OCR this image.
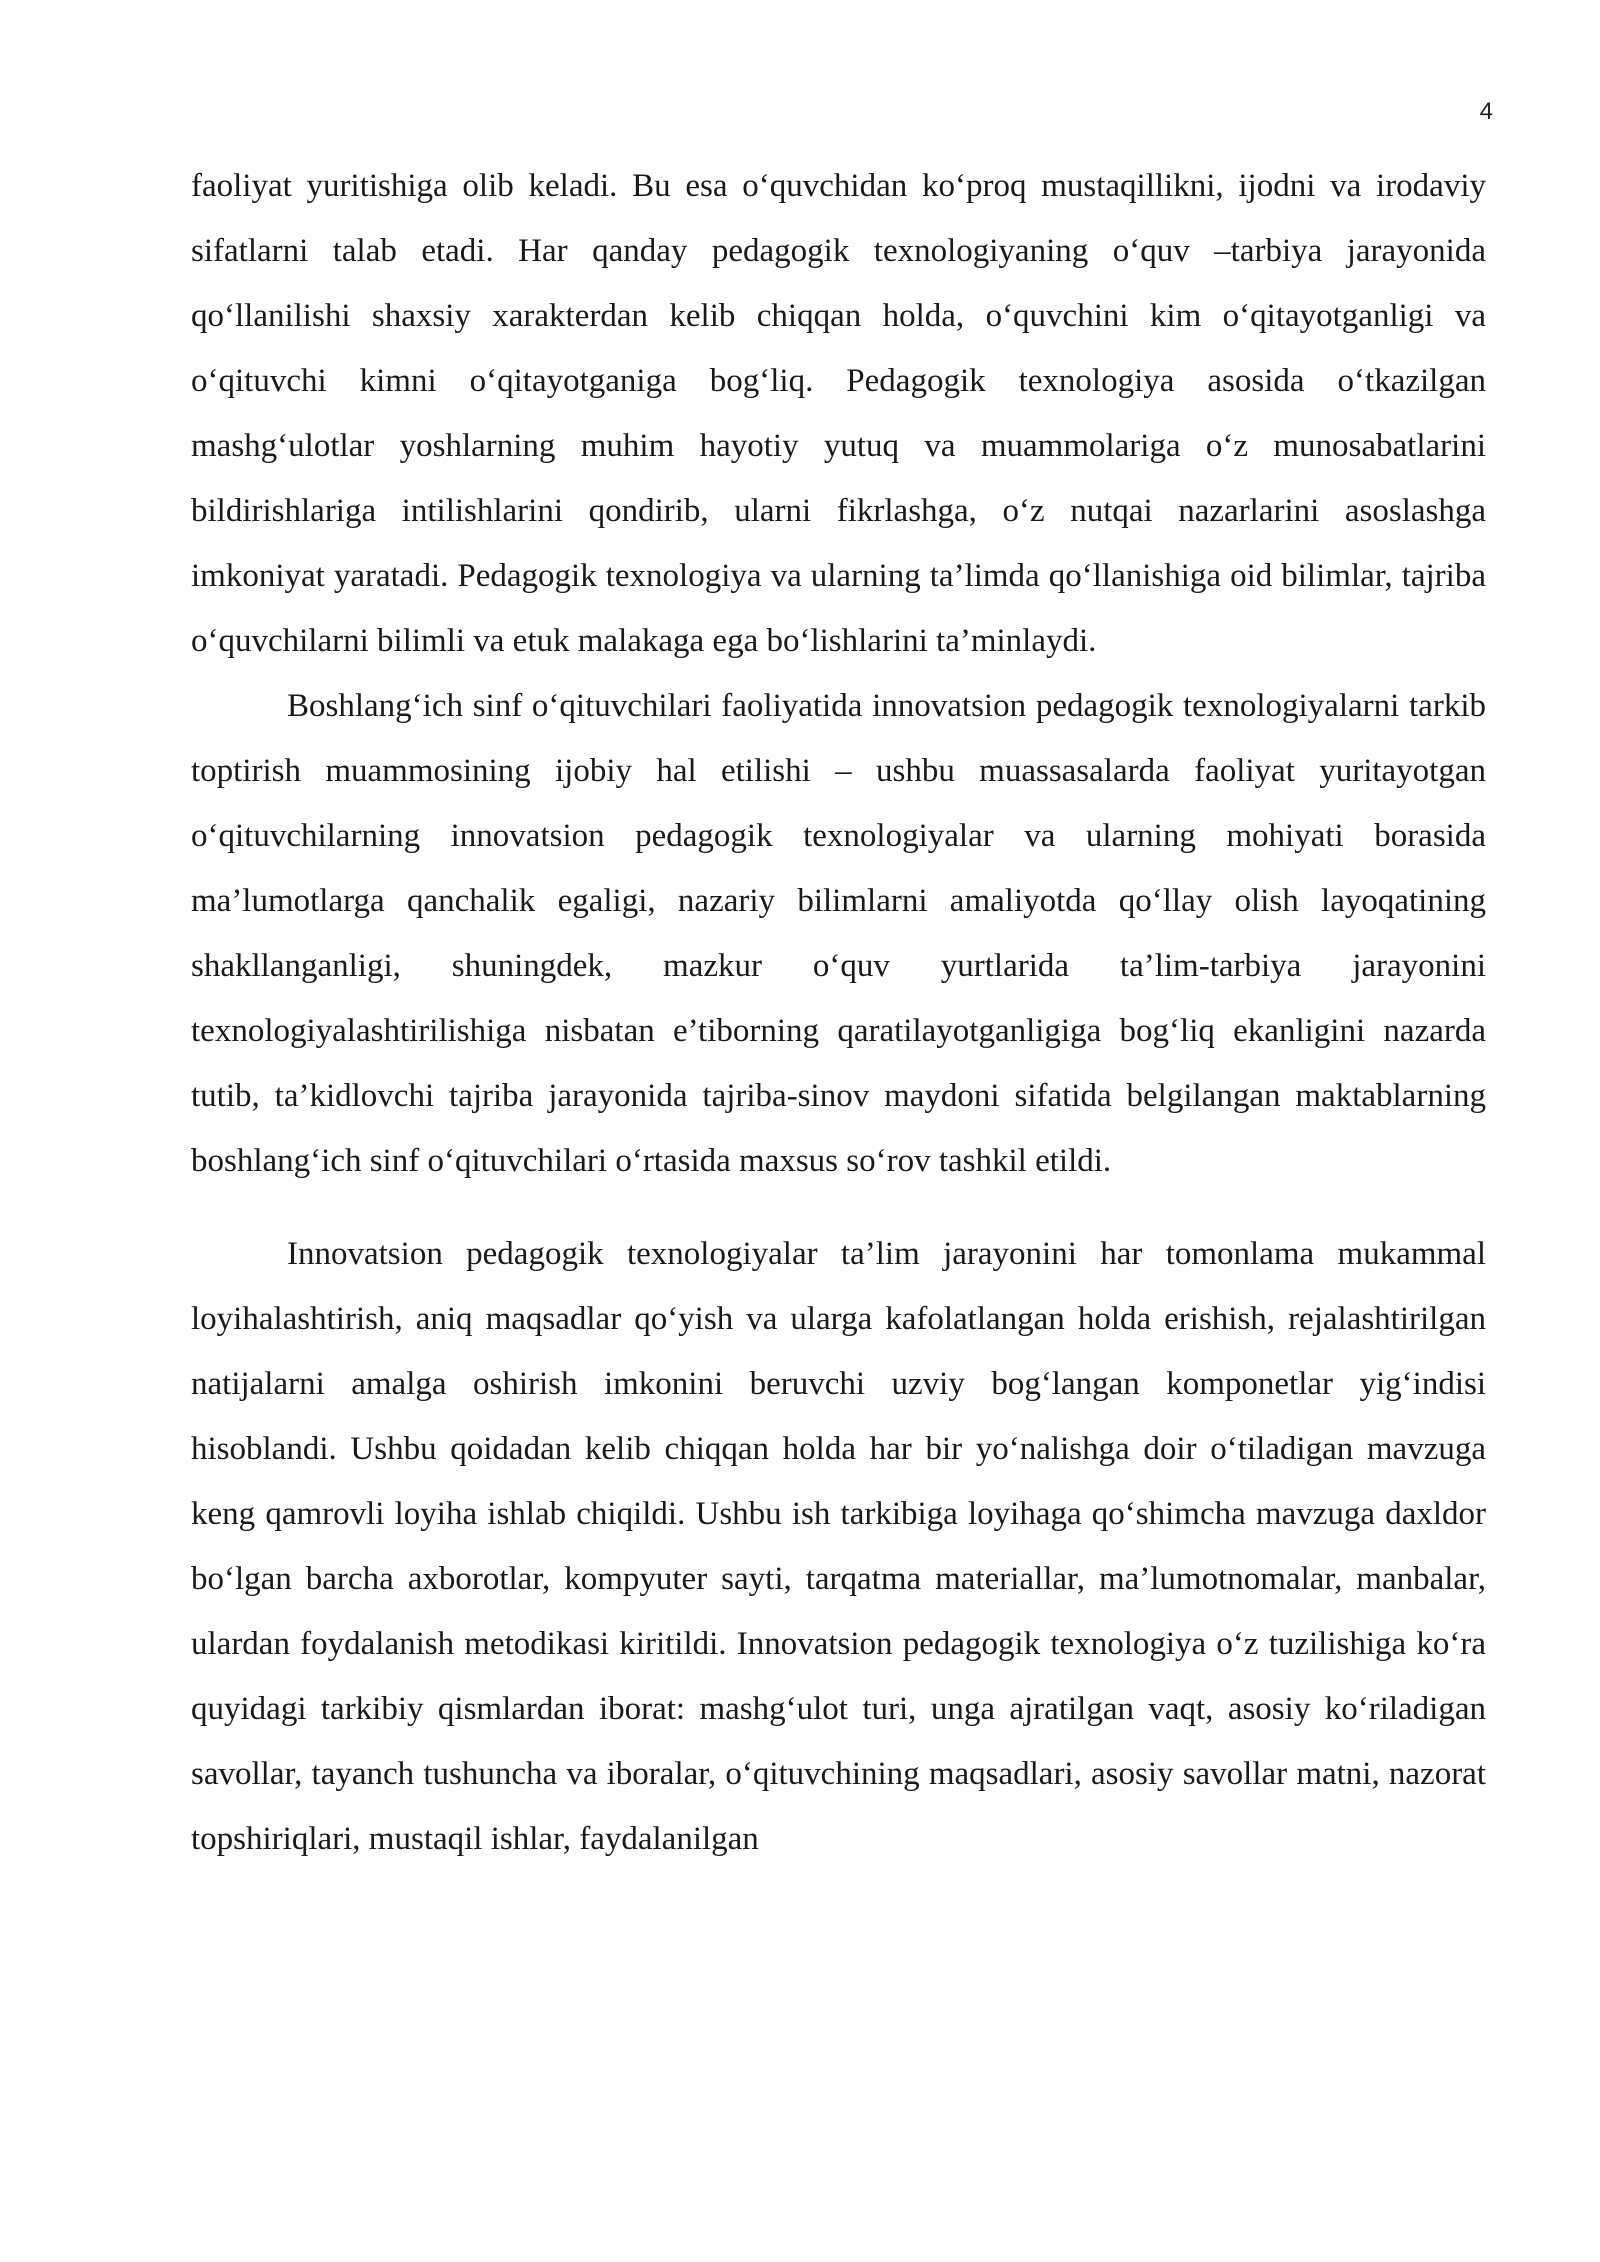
4

faoliyat yuritishiga olib keladi. Bu esa o‘quvchidan ko‘proq mustaqillikni, ijodni va irodaviy sifatlarni talab etadi. Har qanday pedagogik texnologiyaning o‘quv –tarbiya jarayonida qo‘llanilishi shaxsiy xarakterdan kelib chiqqan holda, o‘quvchini kim o‘qitayotganligi va o‘qituvchi kimni o‘qitayotganiga bog‘liq. Pedagogik texnologiya asosida o‘tkazilgan mashg‘ulotlar yoshlarning muhim hayotiy yutuq va muammolariga o‘z munosabatlarini bildirishlariga intilishlarini qondirib, ularni fikrlashga, o‘z nutqai nazarlarini asoslashga imkoniyat yaratadi. Pedagogik texnologiya va ularning ta’limda qo‘llanishiga oid bilimlar, tajriba o‘quvchilarni bilimli va etuk malakaga ega bo‘lishlarini ta’minlaydi.

Boshlang‘ich sinf o‘qituvchilari faoliyatida innovatsion pedagogik texnologiyalarni tarkib toptirish muammosining ijobiy hal etilishi – ushbu muassasalarda faoliyat yuritayotgan o‘qituvchilarning innovatsion pedagogik texnologiyalar va ularning mohiyati borasida ma’lumotlarga qanchalik egaligi, nazariy bilimlarni amaliyotda qo‘llay olish layoqatining shakllanganligi, shuningdek, mazkur o‘quv yurtlarida ta’lim-tarbiya jarayonini texnologiyalashtirilishiga nisbatan e’tiborning qaratilayotganligiga bog‘liq ekanligini nazarda tutib, ta’kidlovchi tajriba jarayonida tajriba-sinov maydoni sifatida belgilangan maktablarning boshlang‘ich sinf o‘qituvchilari o‘rtasida maxsus so‘rov tashkil etildi.

Innovatsion pedagogik texnologiyalar ta’lim jarayonini har tomonlama mukammal loyihalashtirish, aniq maqsadlar qo‘yish va ularga kafolatlangan holda erishish, rejalashtirilgan natijalarni amalga oshirish imkonini beruvchi uzviy bog‘langan komponetlar yig‘indisi hisoblandi. Ushbu qoidadan kelib chiqqan holda har bir yo‘nalishga doir o‘tiladigan mavzuga keng qamrovli loyiha ishlab chiqildi. Ushbu ish tarkibiga loyihaga qo‘shimcha mavzuga daxldor bo‘lgan barcha axborotlar, kompyuter sayti, tarqatma materiallar, ma’lumotnomalar, manbalar, ulardan foydalanish metodikasi kiritildi. Innovatsion pedagogik texnologiya o‘z tuzilishiga ko‘ra quyidagi tarkibiy qismlardan iborat: mashg‘ulot turi, unga ajratilgan vaqt, asosiy ko‘riladigan savollar, tayanch tushuncha va iboralar, o‘qituvchining maqsadlari, asosiy savollar matni, nazorat topshiriqlari, mustaqil ishlar, faydalanilgan
